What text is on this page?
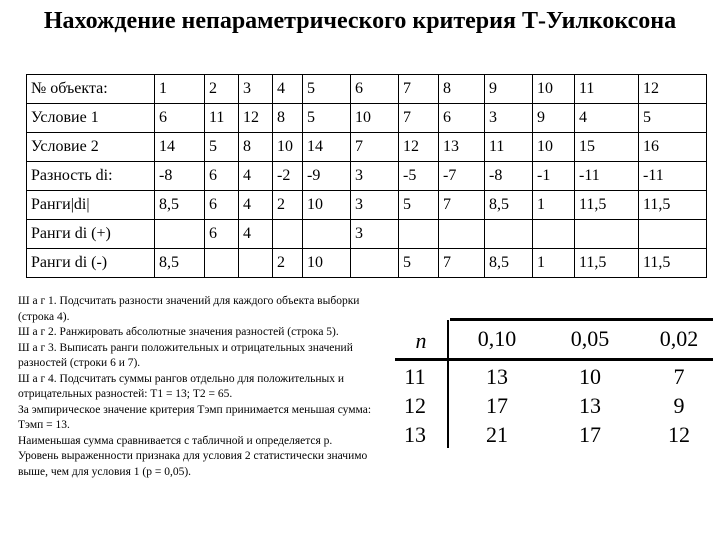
Нахождение непараметрического критерия Т-Уилкоксона
№ объекта:	1	2	3	4	5	6	7	8	9	10	11	12
Условие 1	6	11	12	8	5	10	7	6	3	9	4	5
Условие 2	14	5	8	10	14	7	12	13	11	10	15	16
Разность di:	-8	6	4	-2	-9	3	-5	-7	-8	-1	-11	-11
Ранги|di|	8,5	6	4	2	10	3	5	7	8,5	1	11,5	11,5
Ранги di (+)		6	4			3						
Ранги di (-)	8,5			2	10		5	7	8,5	1	11,5	11,5
Ш а г 1. Подсчитать разности значений для каждого объекта выборки (строка 4).
Ш а г 2. Ранжировать абсолютные значения разностей (строка 5).
Ш а г 3. Выписать ранги положительных и отрицательных значений разностей (строки 6 и 7).
Ш а г 4. Подсчитать суммы рангов отдельно для положительных и отрицательных разностей: Т1 = 13; Т2 = 65.
За эмпирическое значение критерия Тэмп принимается меньшая сумма: Тэмп = 13.
Наименьшая сумма сравнивается с табличной и определяется р.
Уровень выраженности признака для условия 2 статистически значимо выше, чем для условия 1 (р = 0,05).
n	0,10	0,05	0,02
11	13	10	7
12	17	13	9
13	21	17	12
